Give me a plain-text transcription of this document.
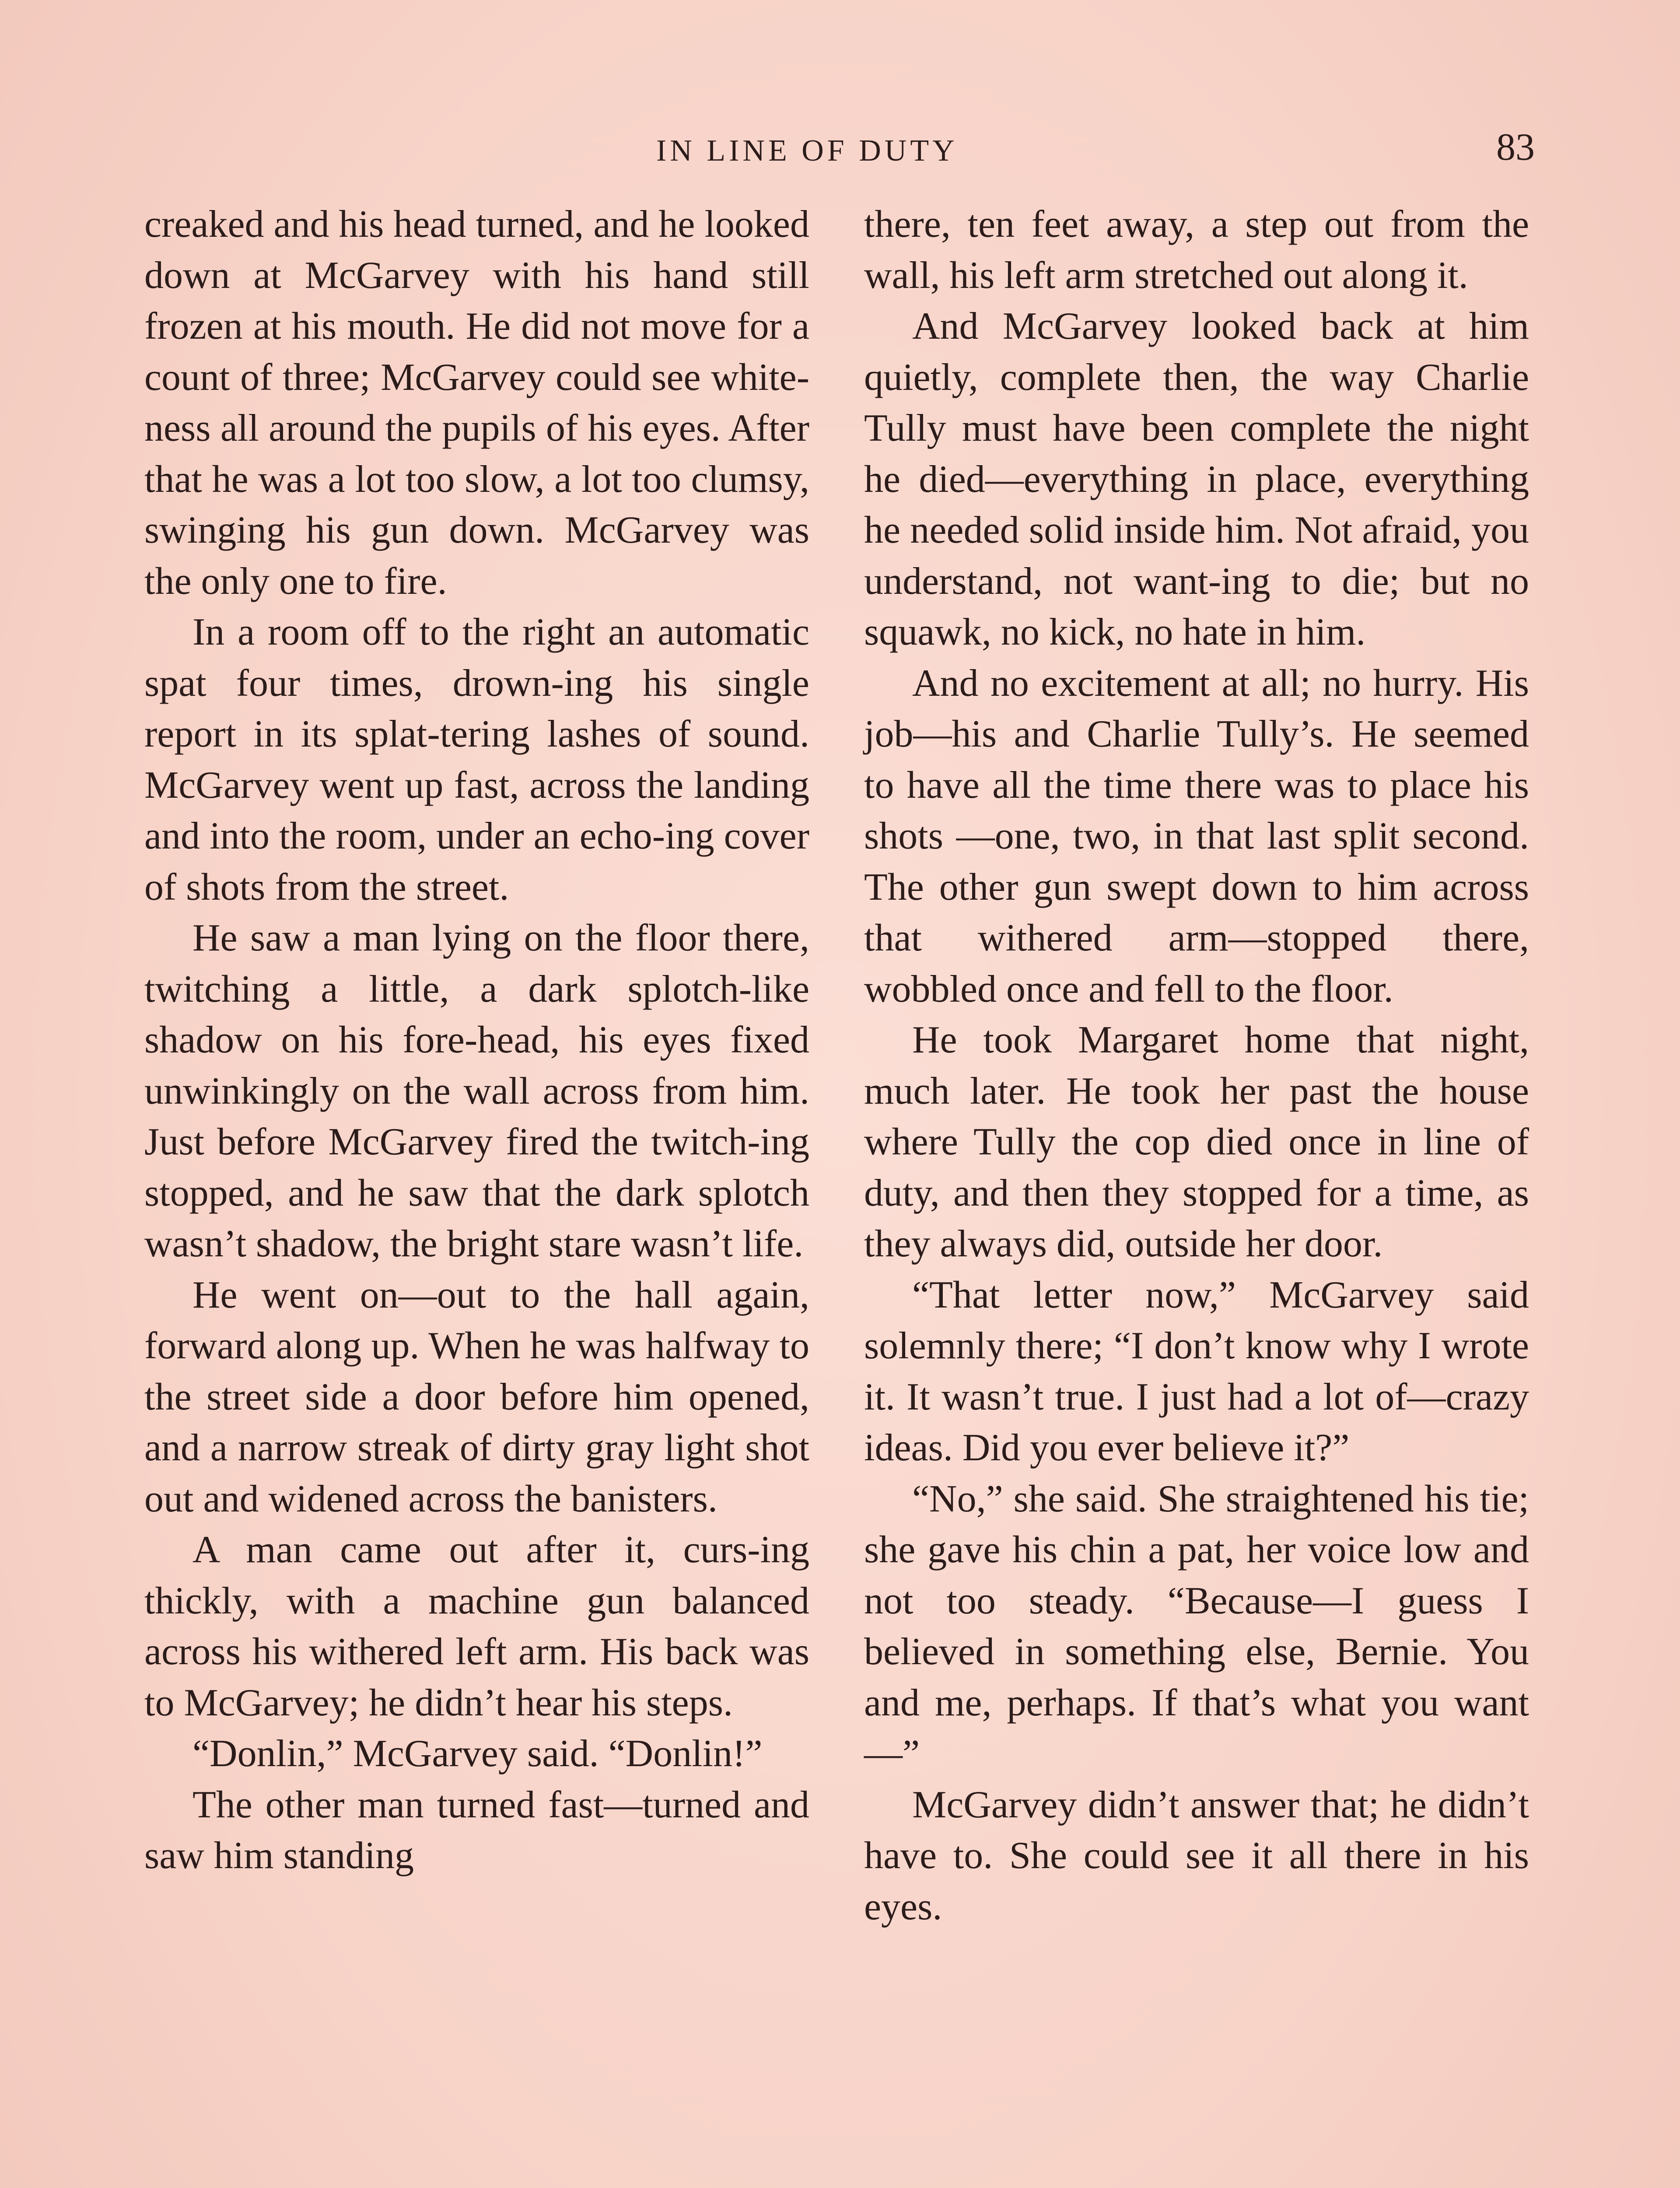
IN LINE OF DUTY	83

creaked and his head turned, and he looked down at McGarvey with his hand still frozen at his mouth. He did not move for a count of three; McGarvey could see white-ness all around the pupils of his eyes. After that he was a lot too slow, a lot too clumsy, swinging his gun down. McGarvey was the only one to fire.

In a room off to the right an automatic spat four times, drown-ing his single report in its splat-tering lashes of sound. McGarvey went up fast, across the landing and into the room, under an echo-ing cover of shots from the street.

He saw a man lying on the floor there, twitching a little, a dark splotch-like shadow on his fore-head, his eyes fixed unwinkingly on the wall across from him. Just before McGarvey fired the twitch-ing stopped, and he saw that the dark splotch wasn’t shadow, the bright stare wasn’t life.

He went on—out to the hall again, forward along up. When he was halfway to the street side a door before him opened, and a narrow streak of dirty gray light shot out and widened across the banisters.

A man came out after it, curs-ing thickly, with a machine gun balanced across his withered left arm. His back was to McGarvey; he didn’t hear his steps.

“Donlin,” McGarvey said. “Donlin!”

The other man turned fast—turned and saw him standing

there, ten feet away, a step out from the wall, his left arm stretched out along it.

And McGarvey looked back at him quietly, complete then, the way Charlie Tully must have been complete the night he died—everything in place, everything he needed solid inside him. Not afraid, you understand, not want-ing to die; but no squawk, no kick, no hate in him.

And no excitement at all; no hurry. His job—his and Charlie Tully’s. He seemed to have all the time there was to place his shots —one, two, in that last split second. The other gun swept down to him across that withered arm—stopped there, wobbled once and fell to the floor.

He took Margaret home that night, much later. He took her past the house where Tully the cop died once in line of duty, and then they stopped for a time, as they always did, outside her door.

“That letter now,” McGarvey said solemnly there; “I don’t know why I wrote it. It wasn’t true. I just had a lot of—crazy ideas. Did you ever believe it?”

“No,” she said. She straightened his tie; she gave his chin a pat, her voice low and not too steady. “Because—I guess I believed in something else, Bernie. You and me, perhaps. If that’s what you want—”

McGarvey didn’t answer that; he didn’t have to. She could see it all there in his eyes.
